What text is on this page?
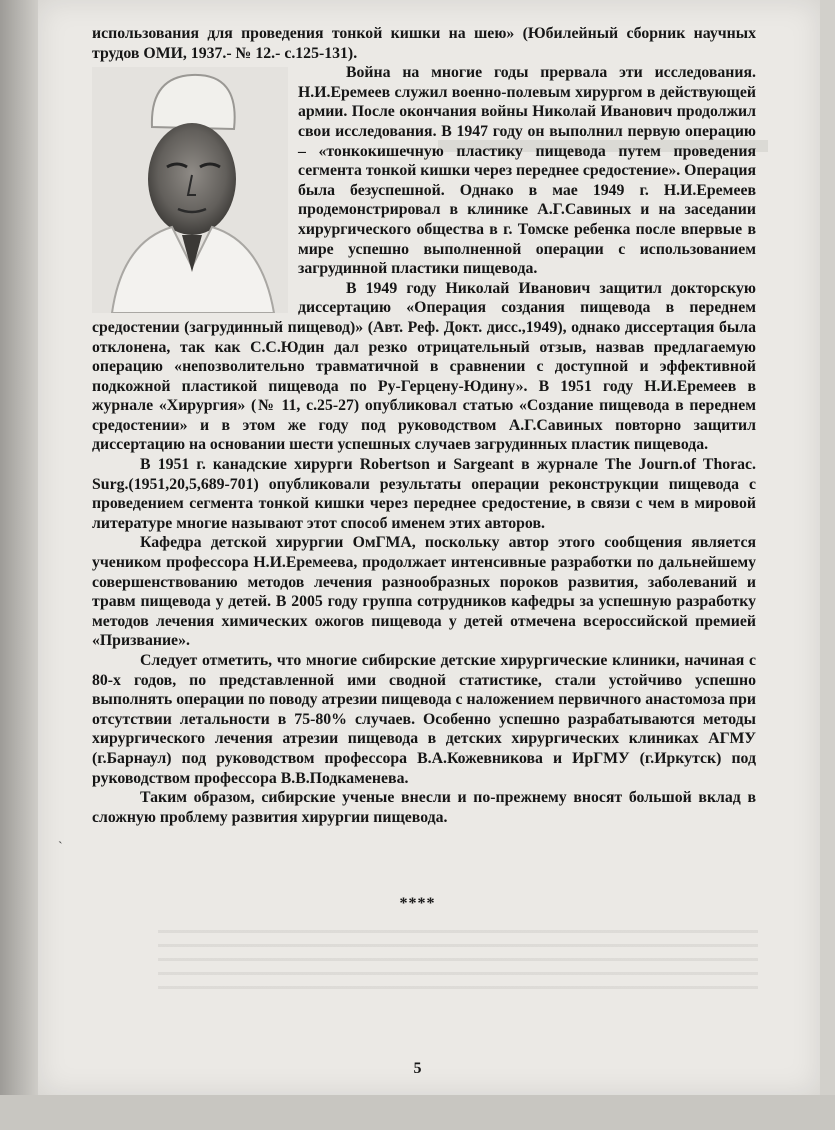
использования для проведения тонкой кишки на шею» (Юбилейный сборник научных трудов ОМИ, 1937.- № 12.- с.125-131).

Война на многие годы прервала эти исследования. Н.И.Еремеев служил военно-полевым хирургом в действующей армии. После окончания войны Николай Иванович продолжил свои исследования. В 1947 году он выполнил первую операцию – «тонкокишечную пластику пищевода путем проведения сегмента тонкой кишки через переднее средостение». Операция была безуспешной. Однако в мае 1949 г. Н.И.Еремеев продемонстрировал в клинике А.Г.Савиных и на заседании хирургического общества в г. Томске ребенка после впервые в мире успешно выполненной операции с использованием загрудинной пластики пищевода.

В 1949 году Николай Иванович защитил докторскую диссертацию «Операция создания пищевода в переднем средостении (загрудинный пищевод)» (Авт. Реф. Докт. дисс.,1949), однако диссертация была отклонена, так как С.С.Юдин дал резко отрицательный отзыв, назвав предлагаемую операцию «непозволительно травматичной в сравнении с доступной и эффективной подкожной пластикой пищевода по Ру-Герцену-Юдину». В 1951 году Н.И.Еремеев в журнале «Хирургия» (№ 11, с.25-27) опубликовал статью «Создание пищевода в переднем средостении» и в этом же году под руководством А.Г.Савиных повторно защитил диссертацию на основании шести успешных случаев загрудинных пластик пищевода.

В 1951 г. канадские хирурги Robertson и Sargeant в журнале The Journ.of Thorac. Surg.(1951,20,5,689-701) опубликовали результаты операции реконструкции пищевода с проведением сегмента тонкой кишки через переднее средостение, в связи с чем в мировой литературе многие называют этот способ именем этих авторов.

Кафедра детской хирургии ОмГМА, поскольку автор этого сообщения является учеником профессора Н.И.Еремеева, продолжает интенсивные разработки по дальнейшему совершенствованию методов лечения разнообразных пороков развития, заболеваний и травм пищевода у детей. В 2005 году группа сотрудников кафедры за успешную разработку методов лечения химических ожогов пищевода у детей отмечена всероссийской премией «Призвание».

Следует отметить, что многие сибирские детские хирургические клиники, начиная с 80-х годов, по представленной ими сводной статистике, стали устойчиво успешно выполнять операции по поводу атрезии пищевода с наложением первичного анастомоза при отсутствии летальности в 75-80% случаев. Особенно успешно разрабатываются методы хирургического лечения атрезии пищевода в детских хирургических клиниках АГМУ (г.Барнаул) под руководством профессора В.А.Кожевникова и ИрГМУ (г.Иркутск) под руководством профессора В.В.Подкаменева.

Таким образом, сибирские ученые внесли и по-прежнему вносят большой вклад в сложную проблему развития хирургии пищевода.

`
****
5
